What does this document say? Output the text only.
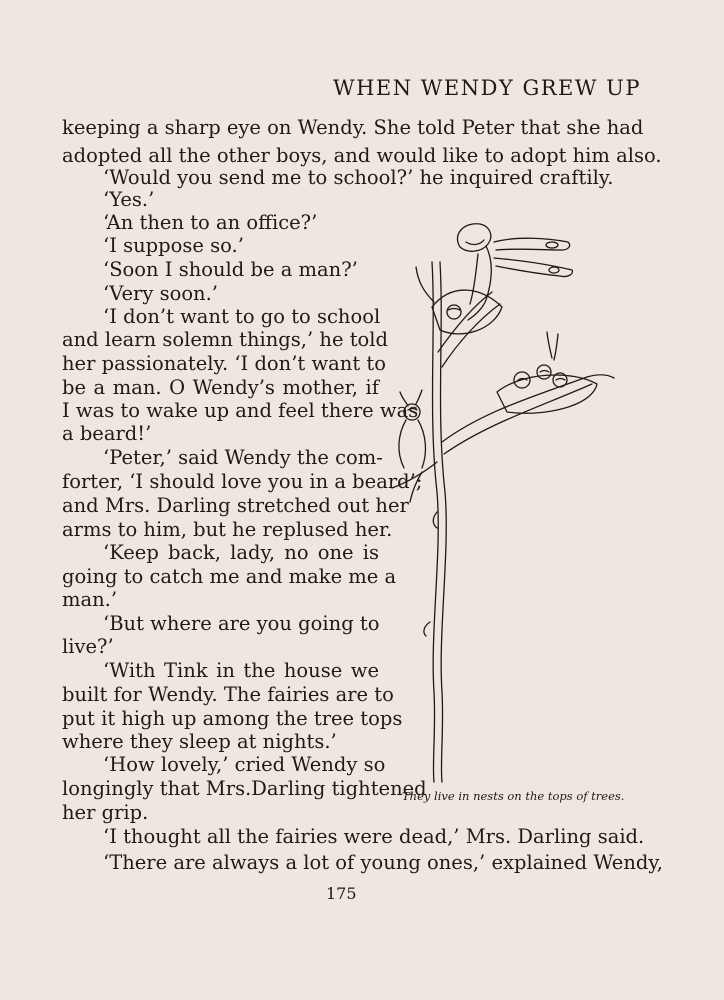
WHEN WENDY GREW UP

keeping a sharp eye on Wendy. She told Peter that she had

adopted all the other boys, and would like to adopt him also.

‘Would you send me to school?’ he inquired craftily.

‘Yes.’

‘An then to an office?’

‘I suppose so.’

‘Soon I should be a man?’

‘Very soon.’

‘I don’t want to go to school

and learn solemn things,’ he told

her passionately. ‘I don’t want to

be a man. O Wendy’s mother, if

I was to wake up and feel there was

a beard!’

‘Peter,’ said Wendy the com-

forter, ‘I should love you in a beard’;

and Mrs. Darling stretched out her

arms to him, but he replused her.

‘Keep back, lady, no one is

going to catch me and make me a

man.’

‘But where are you going to

live?’

‘With Tink in the house we

built for Wendy. The fairies are to

put it high up among the tree tops

where they sleep at nights.’

‘How lovely,’ cried Wendy so

longingly that Mrs.Darling tightened

her grip.

‘I thought all the fairies were dead,’ Mrs. Darling said.

‘There are always a lot of young ones,’ explained Wendy,

They live in nests on the tops of trees.

175
